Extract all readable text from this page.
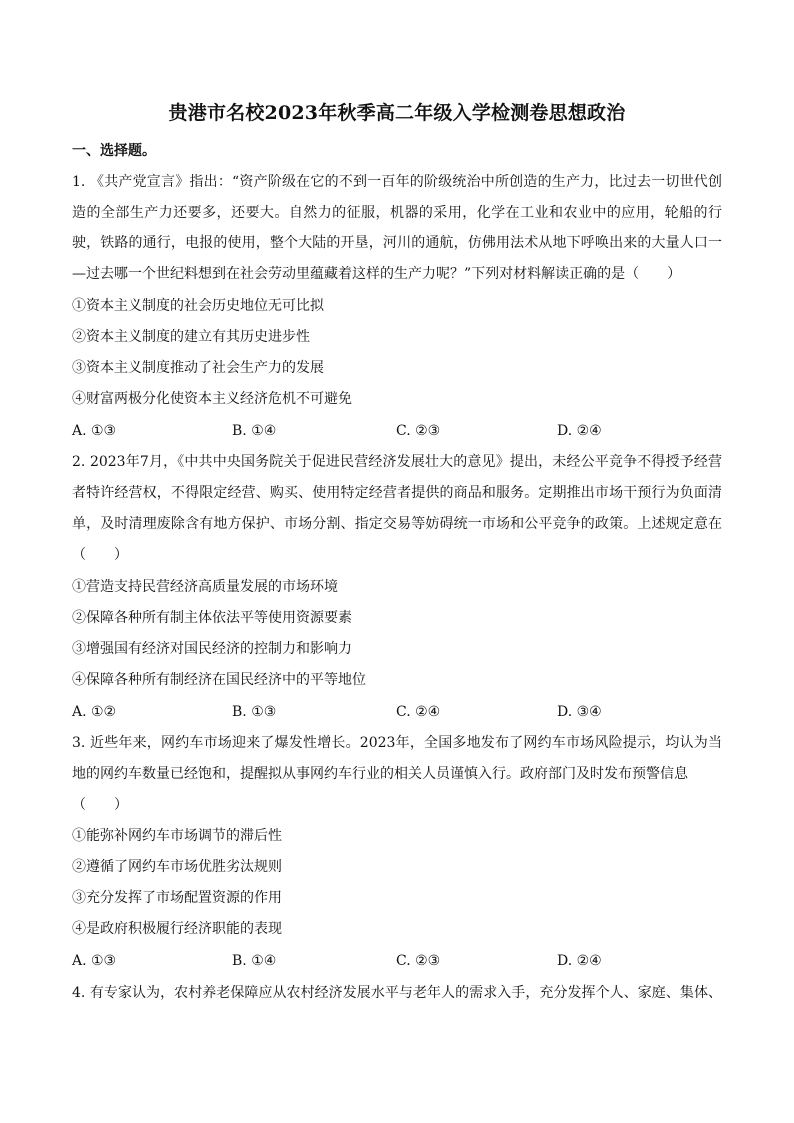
贵港市名校2023年秋季高二年级入学检测卷思想政治
一、选择题。
1. 《共产党宣言》指出：“资产阶级在它的不到一百年的阶级统治中所创造的生产力，比过去一切世代创
造的全部生产力还要多，还要大。自然力的征服，机器的采用，化学在工业和农业中的应用，轮船的行
驶，铁路的通行，电报的使用，整个大陆的开垦，河川的通航，仿佛用法术从地下呼唤出来的大量人口一
—过去哪一个世纪料想到在社会劳动里蕴藏着这样的生产力呢？”下列对材料解读正确的是（　　）
①资本主义制度的社会历史地位无可比拟
②资本主义制度的建立有其历史进步性
③资本主义制度推动了社会生产力的发展
④财富两极分化使资本主义经济危机不可避免
A. ①③	B. ①④	C. ②③	D. ②④
2. 2023年7月，《中共中央国务院关于促进民营经济发展壮大的意见》提出，未经公平竞争不得授予经营
者特许经营权，不得限定经营、购买、使用特定经营者提供的商品和服务。定期推出市场干预行为负面清
单，及时清理废除含有地方保护、市场分割、指定交易等妨碍统一市场和公平竞争的政策。上述规定意在
（　　）
①营造支持民营经济高质量发展的市场环境
②保障各种所有制主体依法平等使用资源要素
③增强国有经济对国民经济的控制力和影响力
④保障各种所有制经济在国民经济中的平等地位
A. ①②	B. ①③	C. ②④	D. ③④
3. 近些年来，网约车市场迎来了爆发性增长。2023年，全国多地发布了网约车市场风险提示，均认为当
地的网约车数量已经饱和，提醒拟从事网约车行业的相关人员谨慎入行。政府部门及时发布预警信息
（　　）
①能弥补网约车市场调节的滞后性
②遵循了网约车市场优胜劣汰规则
③充分发挥了市场配置资源的作用
④是政府积极履行经济职能的表现
A. ①③	B. ①④	C. ②③	D. ②④
4. 有专家认为，农村养老保障应从农村经济发展水平与老年人的需求入手，充分发挥个人、家庭、集体、
